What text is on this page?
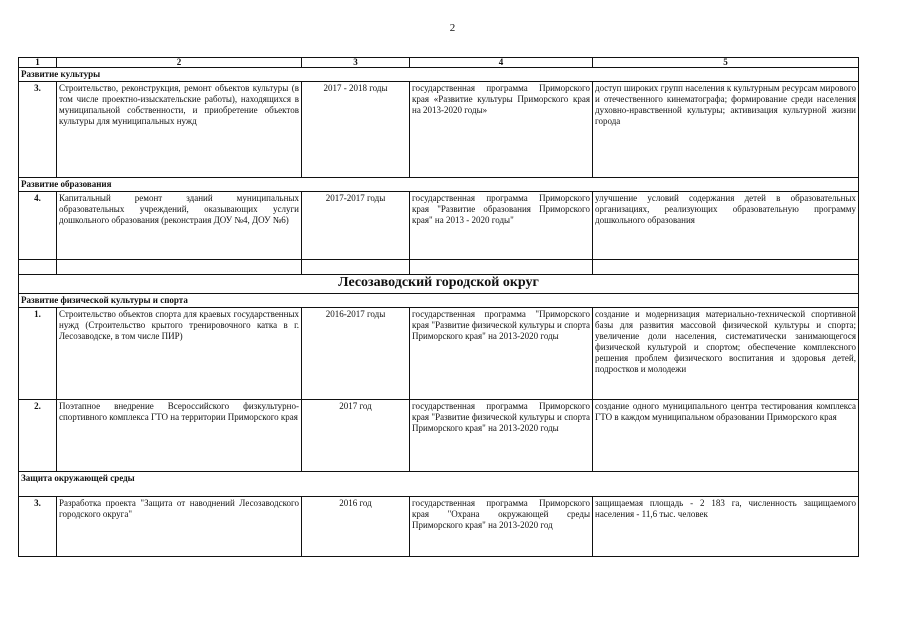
2
1	2	3	4	5
Развитие культуры				
3.	Строительство, реконструкция, ремонт объектов культуры (в том числе проектно-изыскательские работы), находящихся в муниципальной собственности, и приобретение объектов культуры для муниципальных нужд	2017 - 2018 годы	государственная программа Приморского края «Развитие культуры Приморского края на 2013-2020 годы»	доступ широких групп населения к культурным ресурсам мирового и отечественного кинематографа; формирование среди населения духовно-нравственной культуры; активизация культурной жизни города
Развитие образования				
4.	Капитальный ремонт зданий муниципальных образовательных учреждений, оказывающих услуги дошкольного образования (реконстраия ДОУ №4, ДОУ №6)	2017-2017 годы	государственная программа Приморского края "Развитие образования Приморского края" на 2013 - 2020 годы"	улучшение условий содержания детей в образовательных организациях, реализующих образовательную программу дошкольного образования

Лесозаводский городской округ				
Развитие физической культуры и спорта				
1.	Строительство объектов спорта для краевых государственных нужд (Строительство крытого тренировочного катка в г. Лесозаводске, в том числе ПИР)	2016-2017 годы	государственная программа "Приморского края "Развитие физической культуры и спорта Приморского края" на 2013-2020 годы	создание и модернизация материально-технической спортивной базы для развития массовой физической культуры и спорта; увеличение доли населения, систематически занимающегося физической культурой и спортом; обеспечение комплексного решения проблем физического воспитания и здоровья детей, подростков и молодежи
2.	Поэтапное внедрение Всероссийского физкультурно-спортивного комплекса ГТО на территории Приморского края	2017 год	государственная программа Приморского края "Развитие физической культуры и спорта Приморского края" на 2013-2020 годы	создание одного муниципального центра тестирования комплекса ГТО в каждом муниципальном образовании Приморского края
Защита окружающей среды				
3.	Разработка проекта "Защита от наводнений Лесозаводского городского округа"	2016 год	государственная программа Приморского края "Охрана окружающей среды Приморского края" на 2013-2020 год	защищаемая площадь - 2 183 га, численность защищаемого населения - 11,6 тыс. человек
